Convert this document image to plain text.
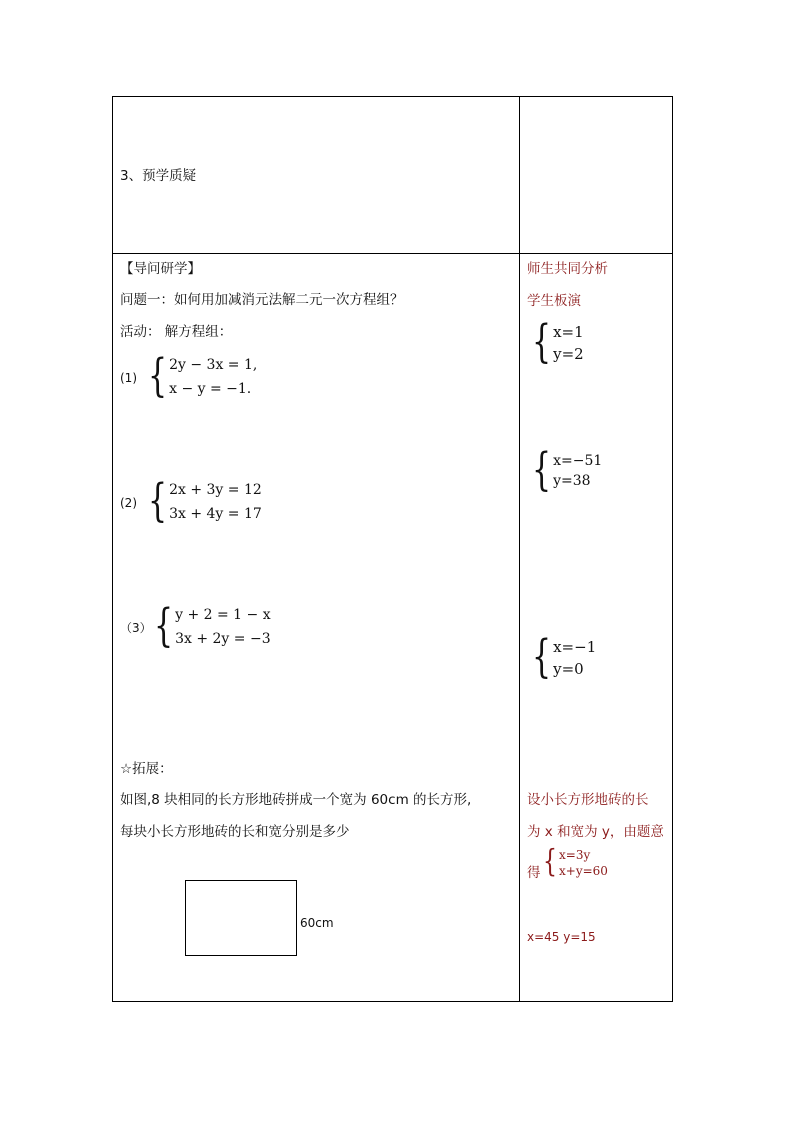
3、预学质疑
【导问研学】
问题一：如何用加减消元法解二元一次方程组？
活动： 解方程组：
(1) { 2y − 3x = 1,
x − y = −1.
(2) { 2x + 3y = 12
3x + 4y = 17
（3） { y + 2 = 1 − x
3x + 2y = −3
☆拓展：
如图,8 块相同的长方形地砖拼成一个宽为 60cm 的长方形,
每块小长方形地砖的长和宽分别是多少
60cm
师生共同分析
学生板演
{ x=1
y=2
{ x=−51
y=38
{ x=−1
y=0
设小长方形地砖的长
为 x 和宽为 y，由题意
得 { x=3y
x+y=60
x=45 y=15
